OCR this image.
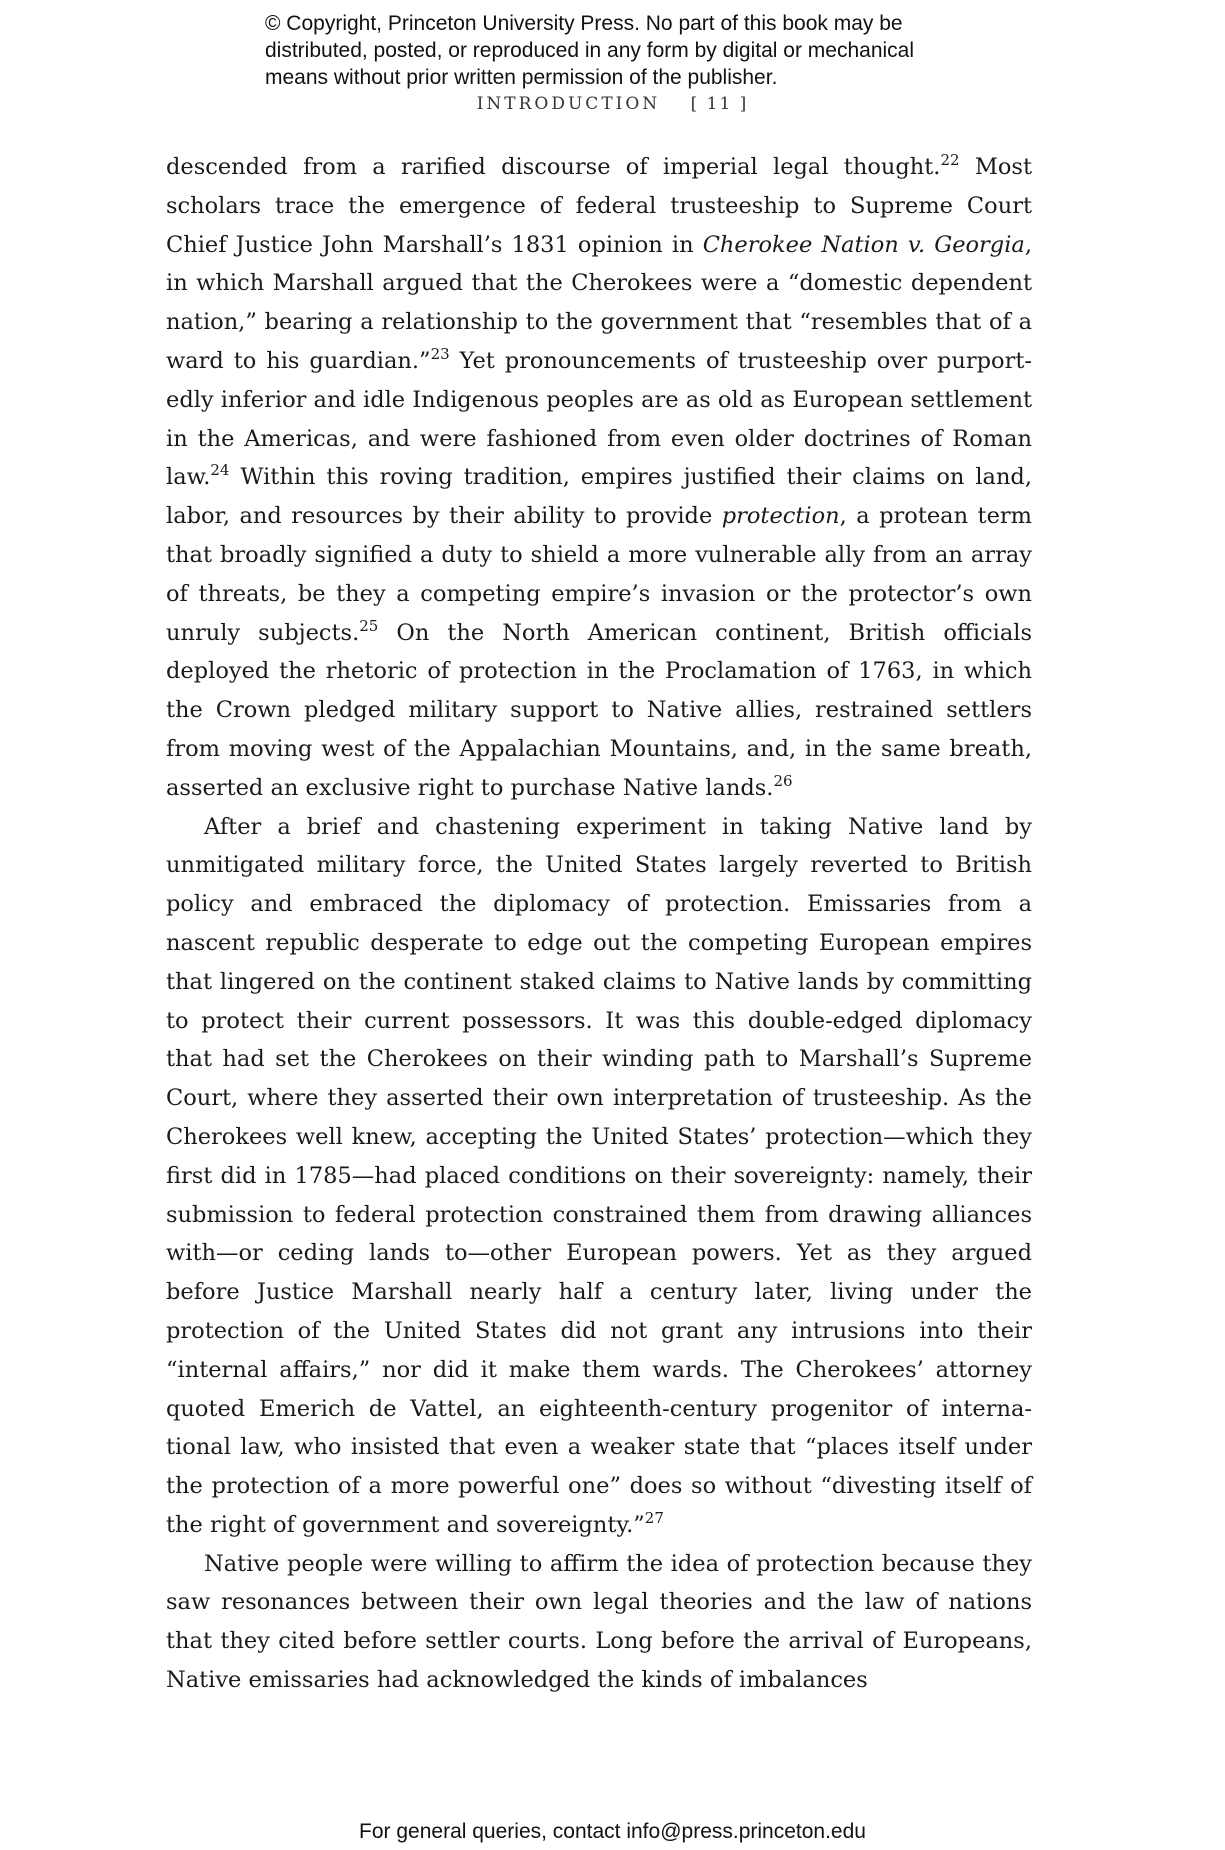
© Copyright, Princeton University Press. No part of this book may be
distributed, posted, or reproduced in any form by digital or mechanical
means without prior written permission of the publisher.
INTRODUCTION [ 11 ]

descended from a rarified discourse of imperial legal thought.$^{22}$ Most scholars trace the emergence of federal trusteeship to Supreme Court Chief Justice John Marshall’s 1831 opinion in Cherokee Nation v. Georgia, in which Marshall argued that the Cherokees were a “domestic dependent nation,” bearing a relationship to the government that “resembles that of a ward to his guardian.”$^{23}$ Yet pronouncements of trusteeship over purportedly inferior and idle Indigenous peoples are as old as European settlement in the Americas, and were fashioned from even older doctrines of Roman law.$^{24}$ Within this roving tradition, empires justified their claims on land, labor, and resources by their ability to provide protection, a protean term that broadly signified a duty to shield a more vulnerable ally from an array of threats, be they a competing empire’s invasion or the protector’s own unruly subjects.$^{25}$ On the North American continent, British officials deployed the rhetoric of protection in the Proclamation of 1763, in which the Crown pledged military support to Native allies, restrained settlers from moving west of the Appalachian Mountains, and, in the same breath, asserted an exclusive right to purchase Native lands.$^{26}$

After a brief and chastening experiment in taking Native land by unmitigated military force, the United States largely reverted to British policy and embraced the diplomacy of protection. Emissaries from a nascent republic desperate to edge out the competing European empires that lingered on the continent staked claims to Native lands by committing to protect their current possessors. It was this double-edged diplomacy that had set the Cherokees on their winding path to Marshall’s Supreme Court, where they asserted their own interpretation of trusteeship. As the Cherokees well knew, accepting the United States’ protection—which they first did in 1785—had placed conditions on their sovereignty: namely, their submission to federal protection constrained them from drawing alliances with—or ceding lands to—other European powers. Yet as they argued before Justice Marshall nearly half a century later, living under the protection of the United States did not grant any intrusions into their “internal affairs,” nor did it make them wards. The Cherokees’ attorney quoted Emerich de Vattel, an eighteenth-century progenitor of international law, who insisted that even a weaker state that “places itself under the protection of a more powerful one” does so without “divesting itself of the right of government and sovereignty.”$^{27}$

Native people were willing to affirm the idea of protection because they saw resonances between their own legal theories and the law of nations that they cited before settler courts. Long before the arrival of Europeans, Native emissaries had acknowledged the kinds of imbalances

For general queries, contact info@press.princeton.edu
